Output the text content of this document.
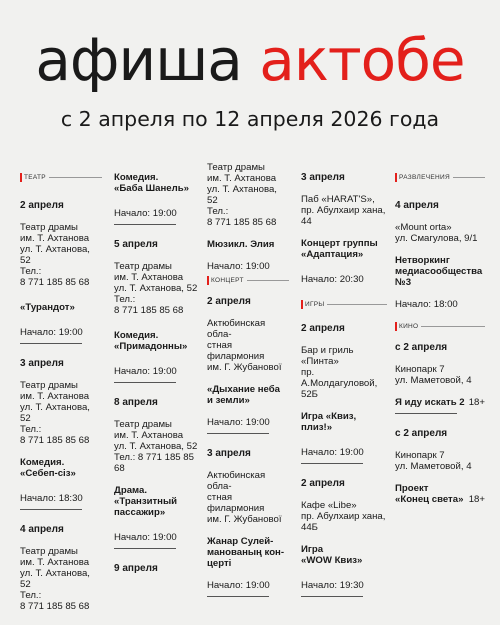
афиша актобе
с 2 апреля по 12 апреля 2026 года
ТЕАТР

2 апреля

Театр драмы

им. Т. Ахтанова

ул. Т. Ахтанова, 52

Тел.:

8 771 185 85 68

«Турандот»

Начало: 19:00

3 апреля

Театр драмы

им. Т. Ахтанова

ул. Т. Ахтанова, 52

Тел.:

8 771 185 85 68

Комедия.

«Себеп-сіз»

Начало: 18:30

4 апреля

Театр драмы

им. Т. Ахтанова

ул. Т. Ахтанова, 52

Тел.:

8 771 185 85 68

Комедия.

«Баба Шанель»

Начало: 19:00

5 апреля

Театр драмы

им. Т. Ахтанова

ул. Т. Ахтанова, 52

Тел.:

8 771 185 85 68

Комедия.

«Примадонны»

Начало: 19:00

8 апреля

Театр драмы

им. Т. Ахтанова

ул. Т. Ахтанова, 52

Тел.: 8 771 185 85

68

Драма.

«Транзитный

пассажир»

Начало: 19:00

9 апреля

Театр драмы

им. Т. Ахтанова

ул. Т. Ахтанова, 52

Тел.:

8 771 185 85 68

Мюзикл. Элия

Начало: 19:00

КОНЦЕРТ

2 апреля

Актюбинская обла-

стная филармония

им. Г. Жубанової

«Дыхание неба

и земли»

Начало: 19:00

3 апреля

Актюбинская обла-

стная филармония

им. Г. Жубанової

Жанар Сулей-

манованың кон-

церті

Начало: 19:00

3 апреля

Паб «HARAT'S»,

пр. Абулхаир хана,

44

Концерт группы

«Адаптация»

Начало: 20:30

ИГРЫ

2 апреля

Бар и гриль «Пинта»

пр. А.Молдагуловой,

52Б

Игра «Квиз, плиз!»

Начало: 19:00

2 апреля

Кафе «Libe»

пр. Абулхаир хана,

44Б

Игра

«WOW Квиз»

Начало: 19:30

РАЗВЛЕЧЕНИЯ

4 апреля

«Mount orta»

ул. Смагулова, 9/1

Нетворкинг

медиасообщества

№3

Начало: 18:00

КИНО

с 2 апреля

Кинопарк 7

ул. Маметовой, 4

Я иду искать 2 18+

с 2 апреля

Кинопарк 7

ул. Маметовой, 4

Проект

«Конец света» 18+
